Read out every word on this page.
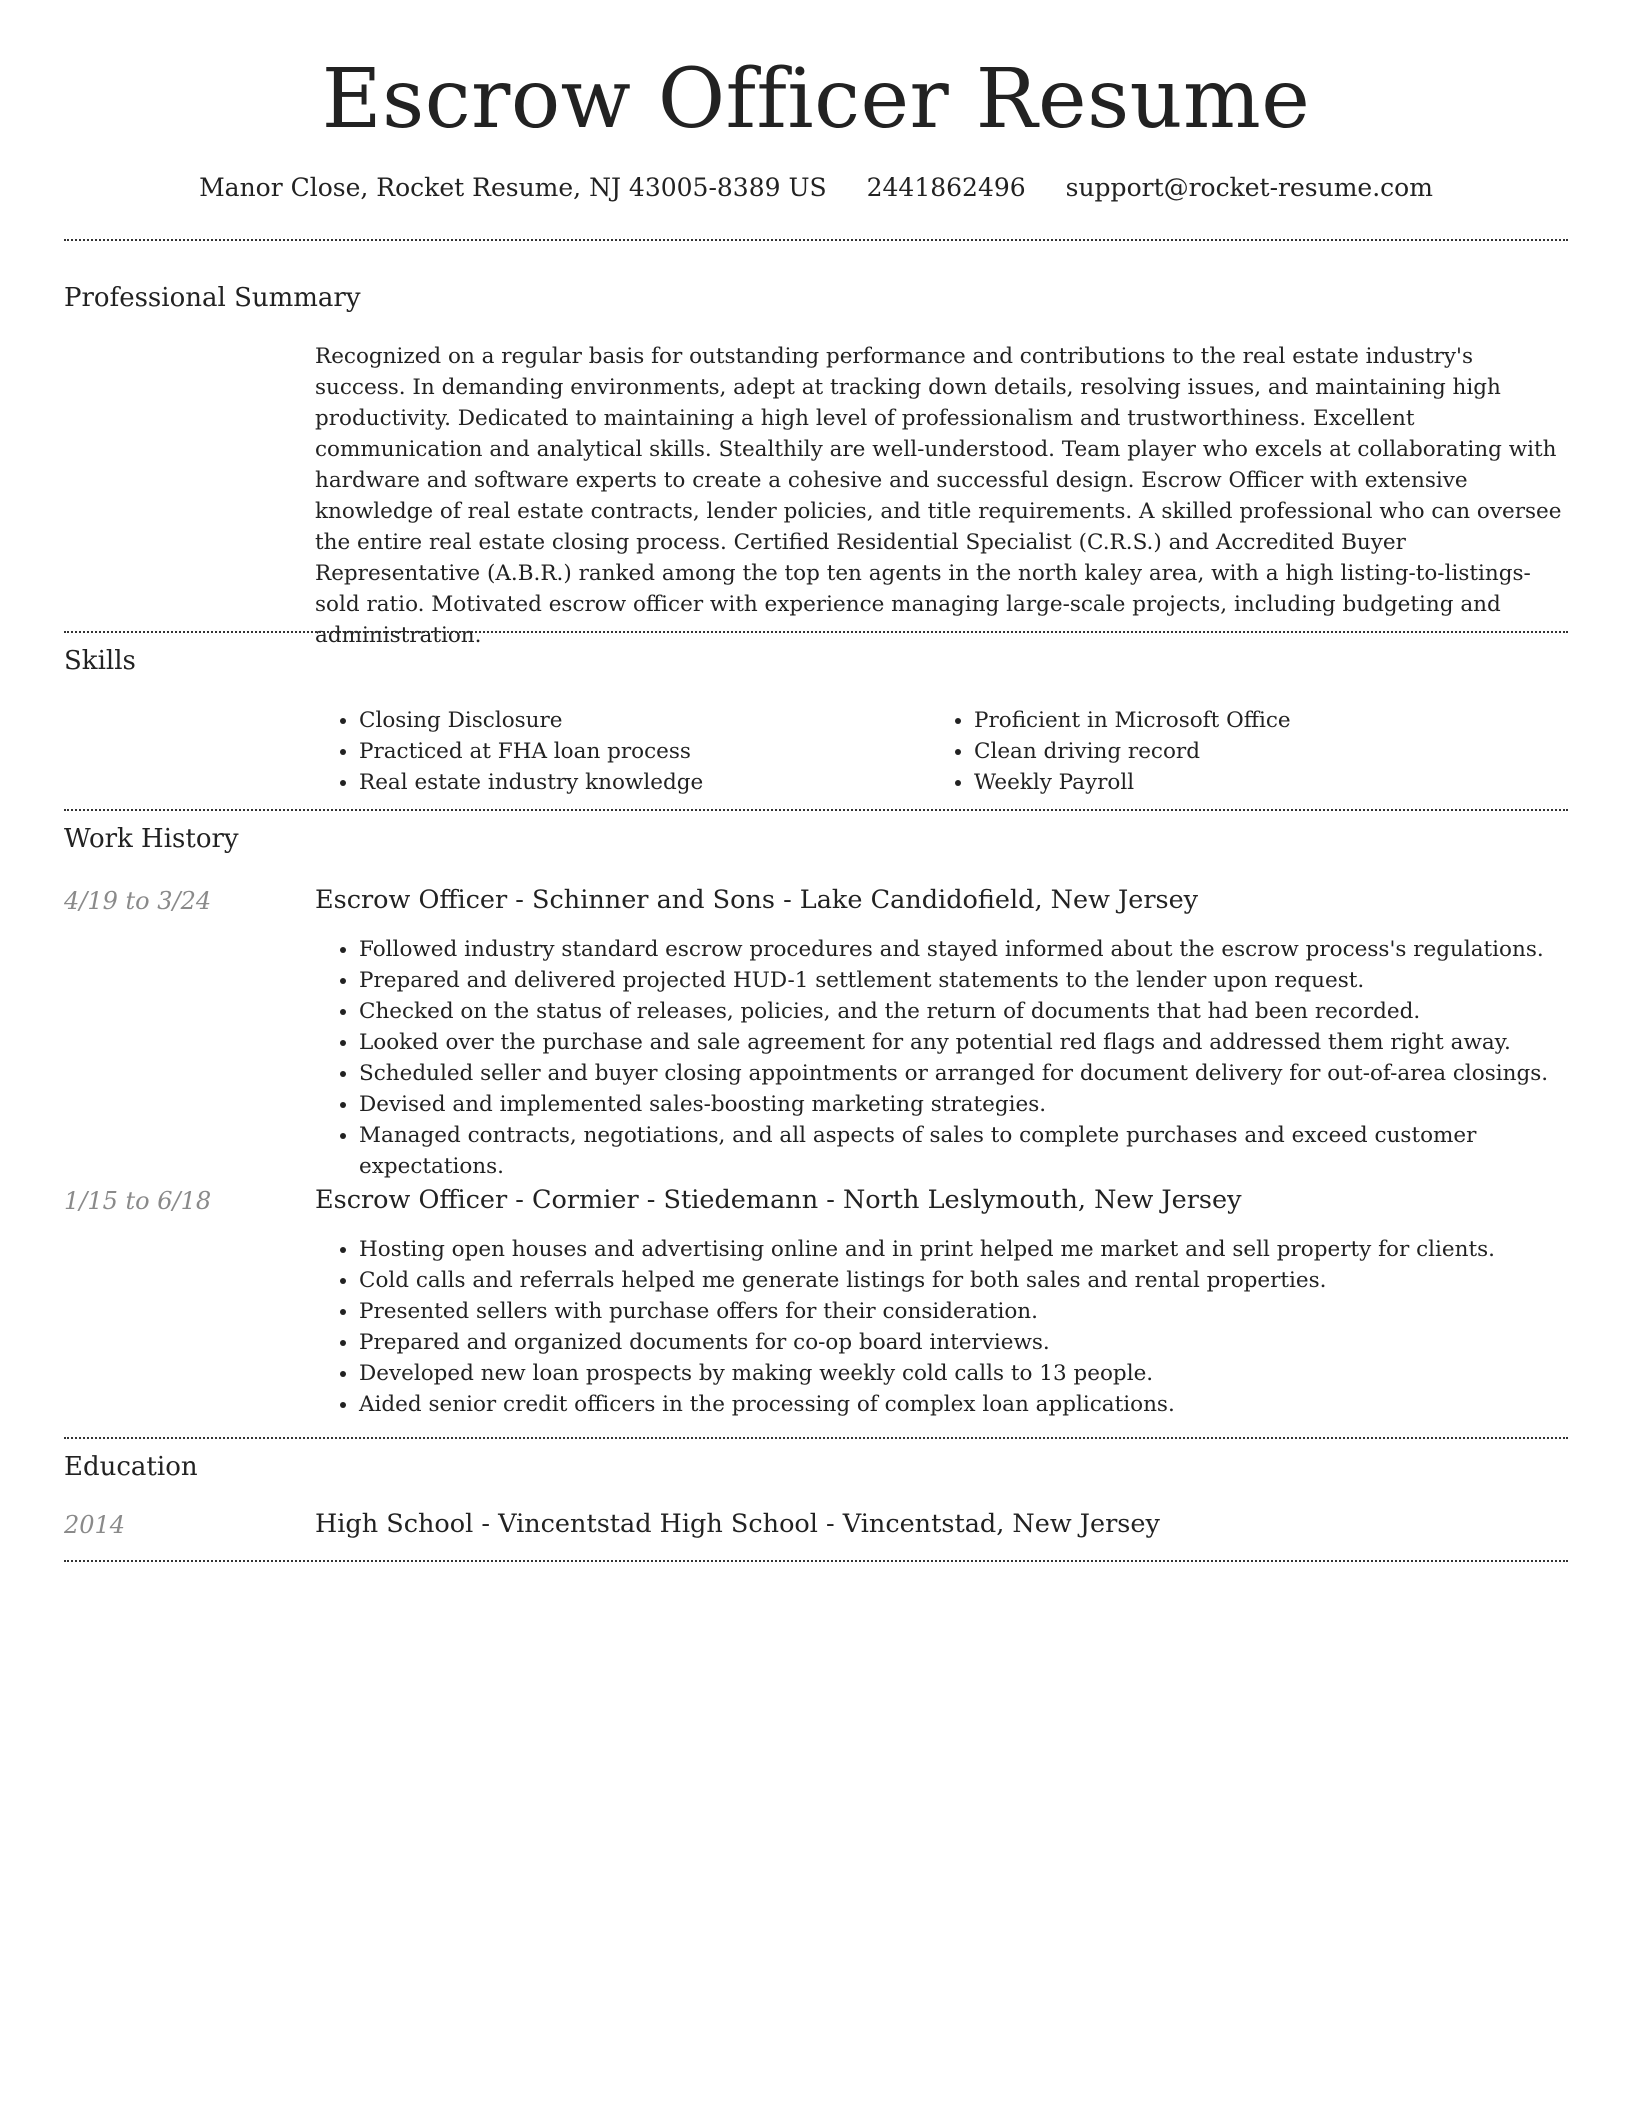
Escrow Officer Resume
Manor Close, Rocket Resume, NJ 43005-8389 US 2441862496 support@rocket-resume.com
Professional Summary

Recognized on a regular basis for outstanding performance and contributions to the real estate industry's success. In demanding environments, adept at tracking down details, resolving issues, and maintaining high productivity. Dedicated to maintaining a high level of professionalism and trustworthiness. Excellent communication and analytical skills. Stealthily are well-understood. Team player who excels at collaborating with hardware and software experts to create a cohesive and successful design. Escrow Officer with extensive knowledge of real estate contracts, lender policies, and title requirements. A skilled professional who can oversee the entire real estate closing process. Certified Residential Specialist (C.R.S.) and Accredited Buyer Representative (A.B.R.) ranked among the top ten agents in the north kaley area, with a high listing-to-listings-sold ratio. Motivated escrow officer with experience managing large-scale projects, including budgeting and administration.

Skills
• Closing Disclosure
• Practiced at FHA loan process
• Real estate industry knowledge
• Proficient in Microsoft Office
• Clean driving record
• Weekly Payroll
Work History
4/19 to 3/24	Escrow Officer - Schinner and Sons - Lake Candidofield, New Jersey
• Followed industry standard escrow procedures and stayed informed about the escrow process's regulations.
• Prepared and delivered projected HUD-1 settlement statements to the lender upon request.
• Checked on the status of releases, policies, and the return of documents that had been recorded.
• Looked over the purchase and sale agreement for any potential red flags and addressed them right away.
• Scheduled seller and buyer closing appointments or arranged for document delivery for out-of-area closings.
• Devised and implemented sales-boosting marketing strategies.
• Managed contracts, negotiations, and all aspects of sales to complete purchases and exceed customer expectations.
1/15 to 6/18	Escrow Officer - Cormier - Stiedemann - North Leslymouth, New Jersey
• Hosting open houses and advertising online and in print helped me market and sell property for clients.
• Cold calls and referrals helped me generate listings for both sales and rental properties.
• Presented sellers with purchase offers for their consideration.
• Prepared and organized documents for co-op board interviews.
• Developed new loan prospects by making weekly cold calls to 13 people.
• Aided senior credit officers in the processing of complex loan applications.
Education
2014	High School - Vincentstad High School - Vincentstad, New Jersey
